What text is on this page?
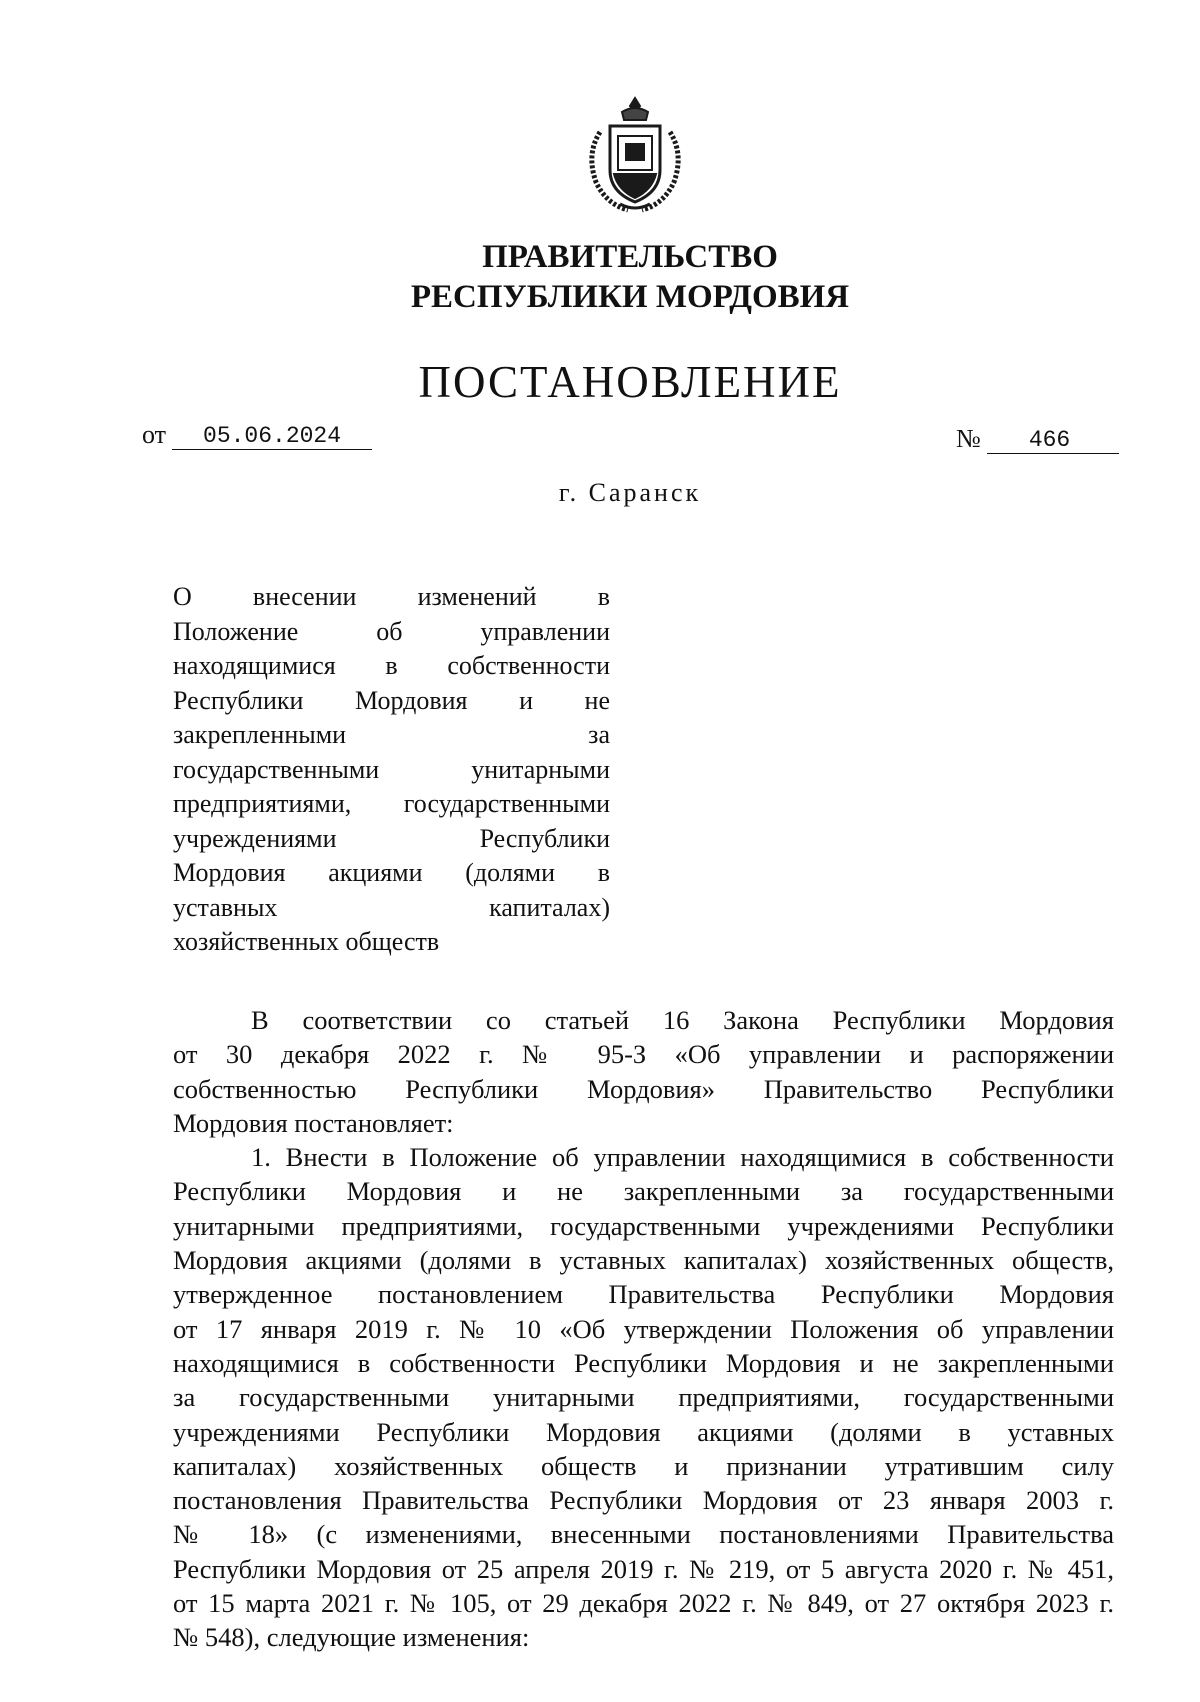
ПРАВИТЕЛЬСТВО
РЕСПУБЛИКИ МОРДОВИЯ
ПОСТАНОВЛЕНИЕ
от	05.06.2024	№	466
г. Саранск
О внесении изменений в
Положение об управлении
находящимися в собственности
Республики Мордовия и не
закрепленными за
государственными унитарными
предприятиями, государственными
учреждениями Республики
Мордовия акциями (долями в
уставных капиталах)
хозяйственных обществ
В соответствии со статьей 16 Закона Республики Мордовия
от 30 декабря 2022 г. № 95-З «Об управлении и распоряжении
собственностью Республики Мордовия» Правительство Республики
Мордовия постановляет:
1. Внести в Положение об управлении находящимися в собственности
Республики Мордовия и не закрепленными за государственными
унитарными предприятиями, государственными учреждениями Республики
Мордовия акциями (долями в уставных капиталах) хозяйственных обществ,
утвержденное постановлением Правительства Республики Мордовия
от 17 января 2019 г. № 10 «Об утверждении Положения об управлении
находящимися в собственности Республики Мордовия и не закрепленными
за государственными унитарными предприятиями, государственными
учреждениями Республики Мордовия акциями (долями в уставных
капиталах) хозяйственных обществ и признании утратившим силу
постановления Правительства Республики Мордовия от 23 января 2003 г.
№ 18» (с изменениями, внесенными постановлениями Правительства
Республики Мордовия от 25 апреля 2019 г. № 219, от 5 августа 2020 г. № 451,
от 15 марта 2021 г. № 105, от 29 декабря 2022 г. № 849, от 27 октября 2023 г.
№ 548), следующие изменения:
